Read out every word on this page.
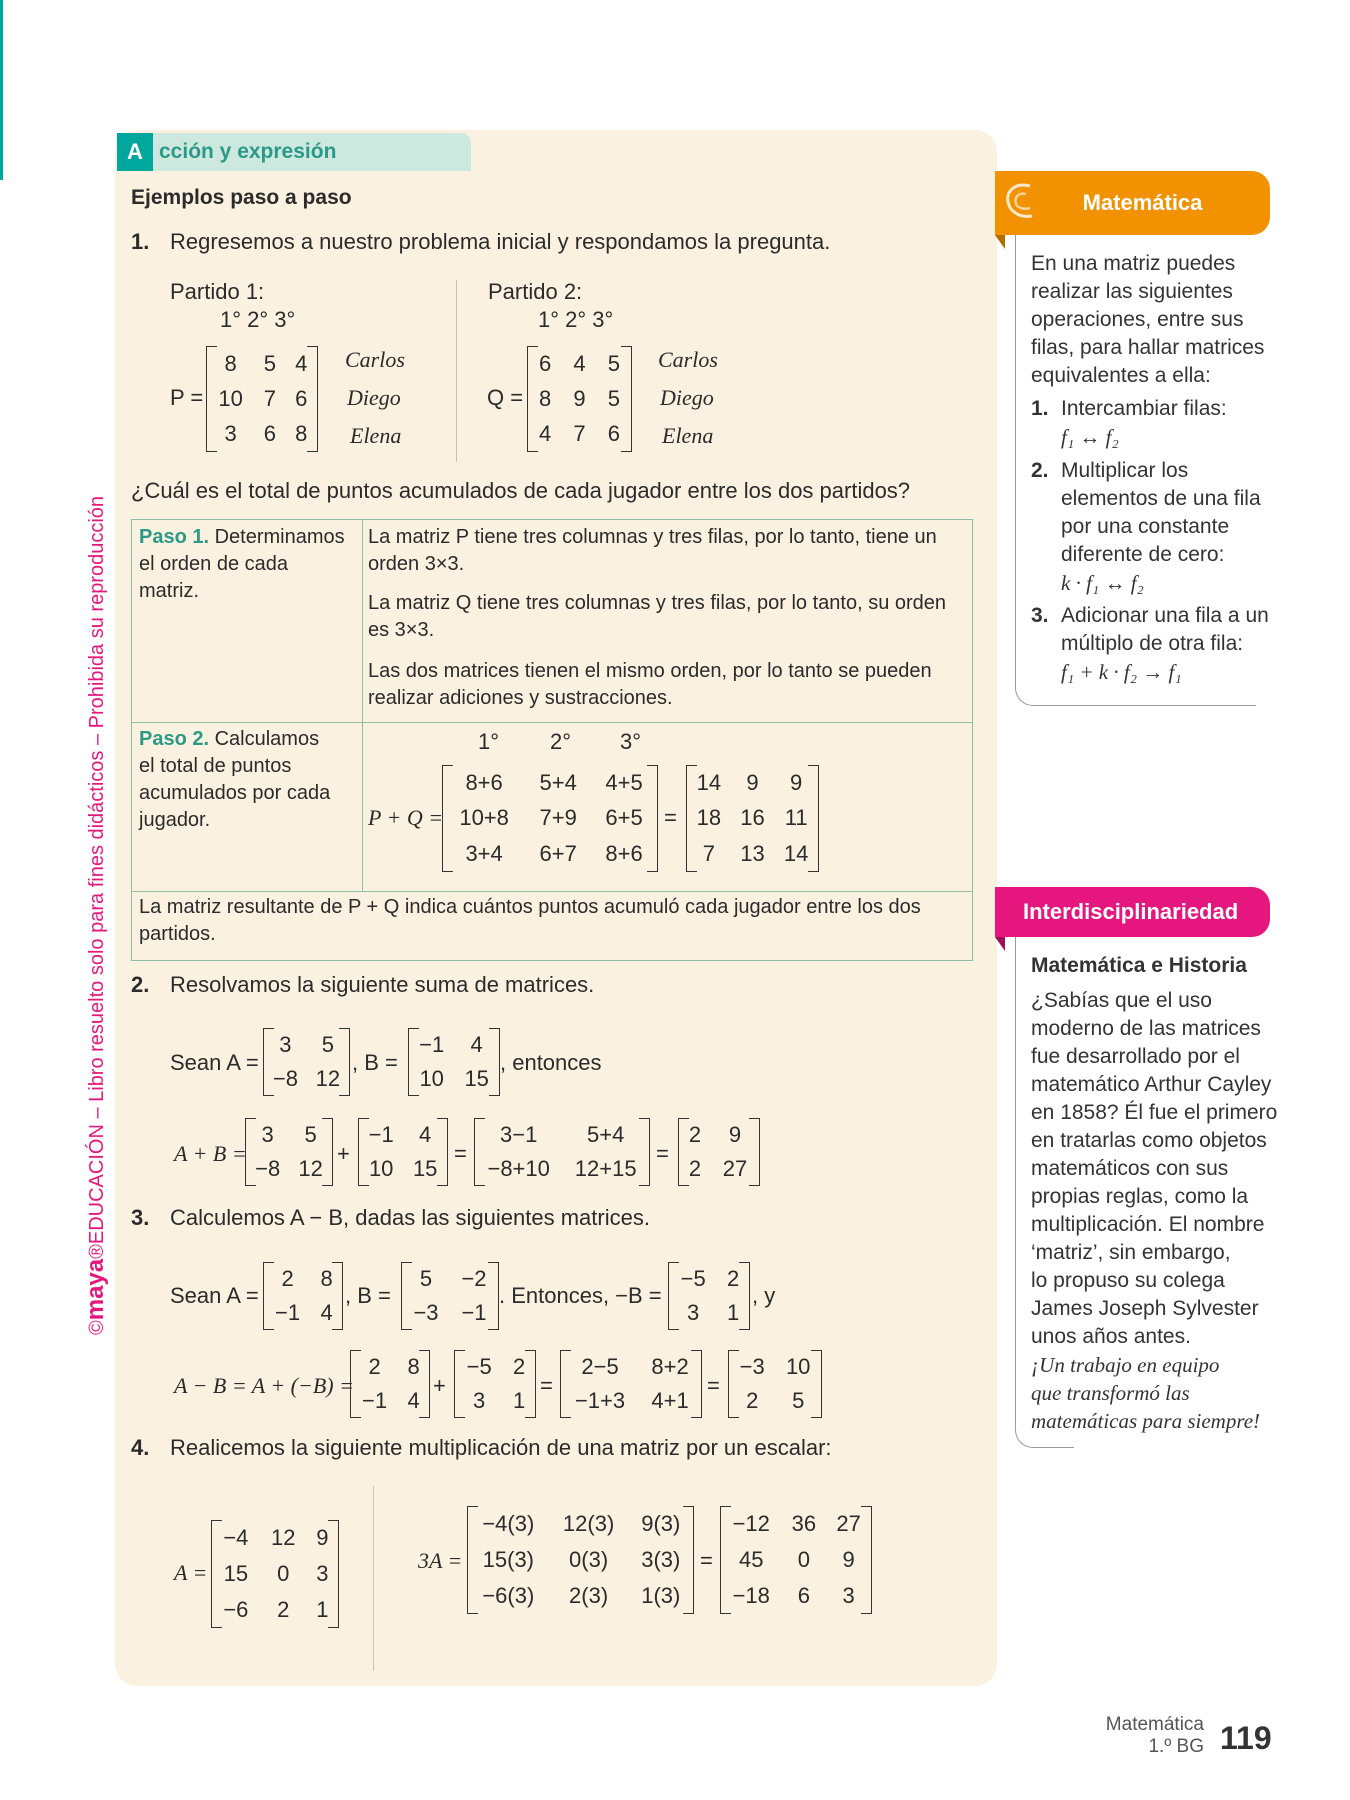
A cción y expresión
Ejemplos paso a paso
1. Regresemos a nuestro problema inicial y respondamos la pregunta.
Partido 1:
1° 2° 3°
P =
8	5	4
10	7	6
3	6	8
Carlos
Diego
Elena
Partido 2:
1° 2° 3°
Q =
6	4	5
8	9	5
4	7	6
Carlos
Diego
Elena
¿Cuál es el total de puntos acumulados de cada jugador entre los dos partidos?
Paso 1. Determinamos
el orden de cada
matriz.
La matriz P tiene tres columnas y tres filas, por lo tanto, tiene un
orden 3×3.
La matriz Q tiene tres columnas y tres filas, por lo tanto, su orden
es 3×3.
Las dos matrices tienen el mismo orden, por lo tanto se pueden
realizar adiciones y sustracciones.
Paso 2. Calculamos
el total de puntos
acumulados por cada
jugador.
1° 2° 3°
P + Q =
8+6	5+4	4+5
10+8	7+9	6+5
3+4	6+7	8+6
=
14	9	9
18	16	11
7	13	14
La matriz resultante de P + Q indica cuántos puntos acumuló cada jugador entre los dos
partidos.
2. Resolvamos la siguiente suma de matrices.
Sean A =
3	5
−8	12
, B =
−1	4
10	15
, entonces
A + B =
3	5
−8	12
+
−1	4
10	15
=
3−1	5+4
−8+10	12+15
=
2	9
2	27
3. Calculemos A − B, dadas las siguientes matrices.
Sean A =
2	8
−1	4
, B =
5	−2
−3	−1
. Entonces, −B =
−5	2
3	1
, y
A − B = A + (−B) =
2	8
−1	4
+
−5	2
3	1
=
2−5	8+2
−1+3	4+1
=
−3	10
2	5
4. Realicemos la siguiente multiplicación de una matriz por un escalar:
A =
−4	12	9
15	0	3
−6	2	1
3A =
−4(3)	12(3)	9(3)
15(3)	0(3)	3(3)
−6(3)	2(3)	1(3)
=
−12	36	27
45	0	9
−18	6	3
Matemática
En una matriz puedes
realizar las siguientes
operaciones, entre sus
filas, para hallar matrices
equivalentes a ella:
1. Intercambiar filas:
f₁ ↔ f₂
2. Multiplicar los
elementos de una fila
por una constante
diferente de cero:
k · f₁ ↔ f₂
3. Adicionar una fila a un
múltiplo de otra fila:
f₁ + k · f₂ → f₁
Interdisciplinariedad
Matemática e Historia
¿Sabías que el uso
moderno de las matrices
fue desarrollado por el
matemático Arthur Cayley
en 1858? Él fue el primero
en tratarlas como objetos
matemáticos con sus
propias reglas, como la
multiplicación. El nombre
‘matriz’, sin embargo,
lo propuso su colega
James Joseph Sylvester
unos años antes.
¡Un trabajo en equipo
que transformó las
matemáticas para siempre!
©maya®EDUCACIÓN – Libro resuelto solo para fines didácticos – Prohibida su reproducción
Matemática
1.º BG 119
